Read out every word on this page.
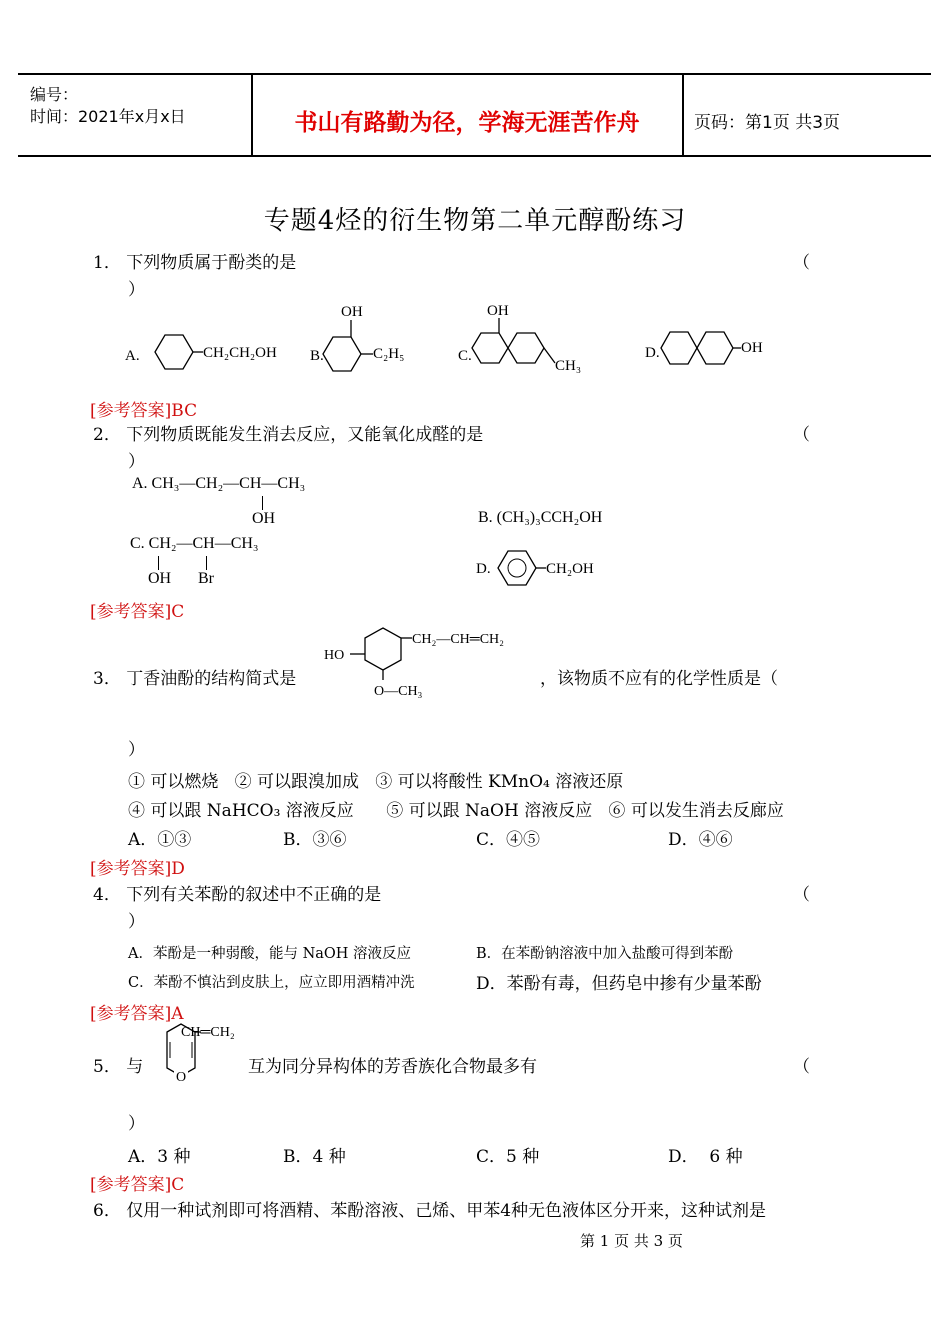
编号：
时间：2021年x月x日	书山有路勤为径，学海无涯苦作舟	页码：第1页 共3页
专题4烃的衍生物第二单元醇酚练习
1． 下列物质属于酚类的是	（
）
A.	CH₂CH₂OH B.
OH
C₂H₅	C.
OH
CH₃
D.	OH
[参考答案]BC
2． 下列物质既能发生消去反应，又能氧化成醛的是	（
）
A. CH₃—CH₂—CH—CH₃
OH	B. (CH₃)₃CCH₂OH
C. CH₂—CH—CH₃
OH Br
D.	CH₂OH
[参考答案]C
3． 丁香油酚的结构简式是
CH₂—CH═CH₂
HO
O—CH₃
，该物质不应有的化学性质是（
）
① 可以燃烧   ② 可以跟溴加成   ③ 可以将酸性 KMnO₄ 溶液还原
④ 可以跟 NaHCO₃ 溶液反应      ⑤ 可以跟 NaOH 溶液反应   ⑥ 可以发生消去反廊应
A．①③	B．③⑥	C．④⑤	D．④⑥
[参考答案]D
4． 下列有关苯酚的叙述中不正确的是	（
）
A．苯酚是一种弱酸，能与 NaOH 溶液反应	B．在苯酚钠溶液中加入盐酸可得到苯酚
C．苯酚不慎沾到皮肤上，应立即用酒精冲洗	D．苯酚有毒，但药皂中掺有少量苯酚
[参考答案]A
5． 与
CH═CH₂
O
互为同分异构体的芳香族化合物最多有	（
）
A．3 种	B．4 种	C．5 种	D．  6 种
[参考答案]C
6． 仅用一种试剂即可将酒精、苯酚溶液、己烯、甲苯4种无色液体区分开来，这种试剂是
第 1 页 共 3 页
